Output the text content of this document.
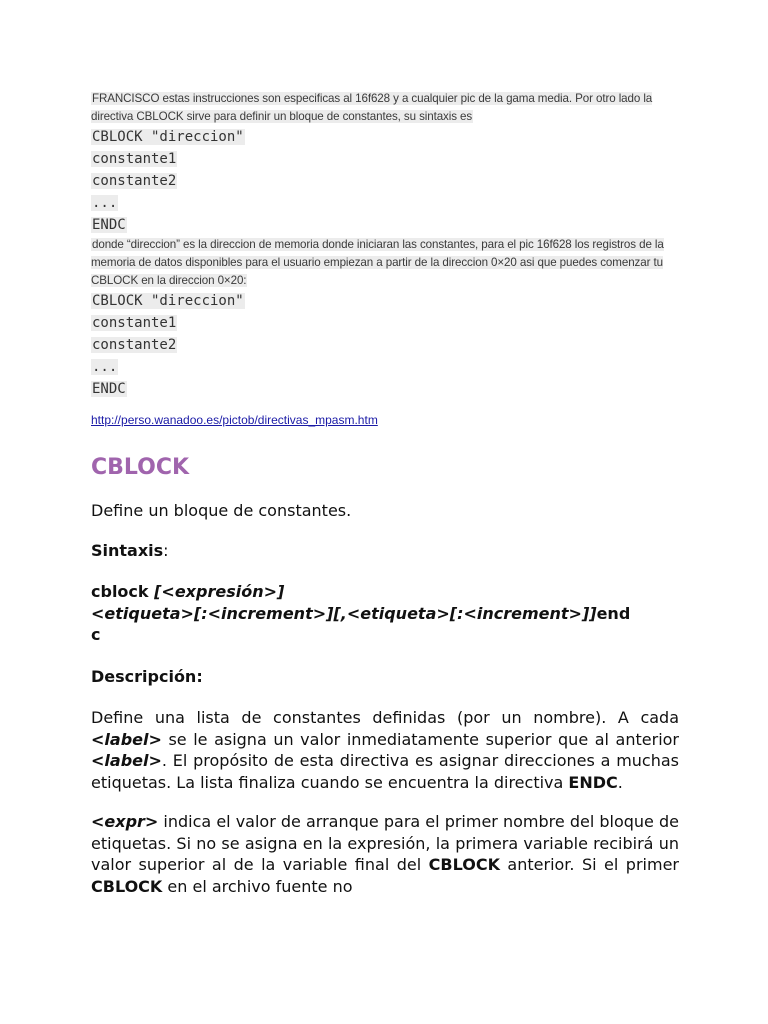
FRANCISCO estas instrucciones son especificas al 16f628 y a cualquier pic de la gama media. Por otro lado la directiva CBLOCK sirve para definir un bloque de constantes, su sintaxis es
CBLOCK "direccion"
constante1
constante2
...
ENDC
donde “direccion” es la direccion de memoria donde iniciaran las constantes, para el pic 16f628 los registros de la memoria de datos disponibles para el usuario empiezan a partir de la direccion 0×20 asi que puedes comenzar tu CBLOCK en la direccion 0×20:
CBLOCK "direccion"
constante1
constante2
...
ENDC
http://perso.wanadoo.es/pictob/directivas_mpasm.htm
CBLOCK
Define un bloque de constantes.
Sintaxis:
cblock [<expresión>]
<etiqueta>[:<increment>][,<etiqueta>[:<increment>]]end
c
Descripción:
Define una lista de constantes definidas (por un nombre). A cada <label> se le asigna un valor inmediatamente superior que al anterior <label>. El propósito de esta directiva es asignar direcciones a muchas etiquetas. La lista finaliza cuando se encuentra la directiva ENDC.
<expr> indica el valor de arranque para el primer nombre del bloque de etiquetas. Si no se asigna en la expresión, la primera variable recibirá un valor superior al de la variable final del CBLOCK anterior. Si el primer CBLOCK en el archivo fuente no
